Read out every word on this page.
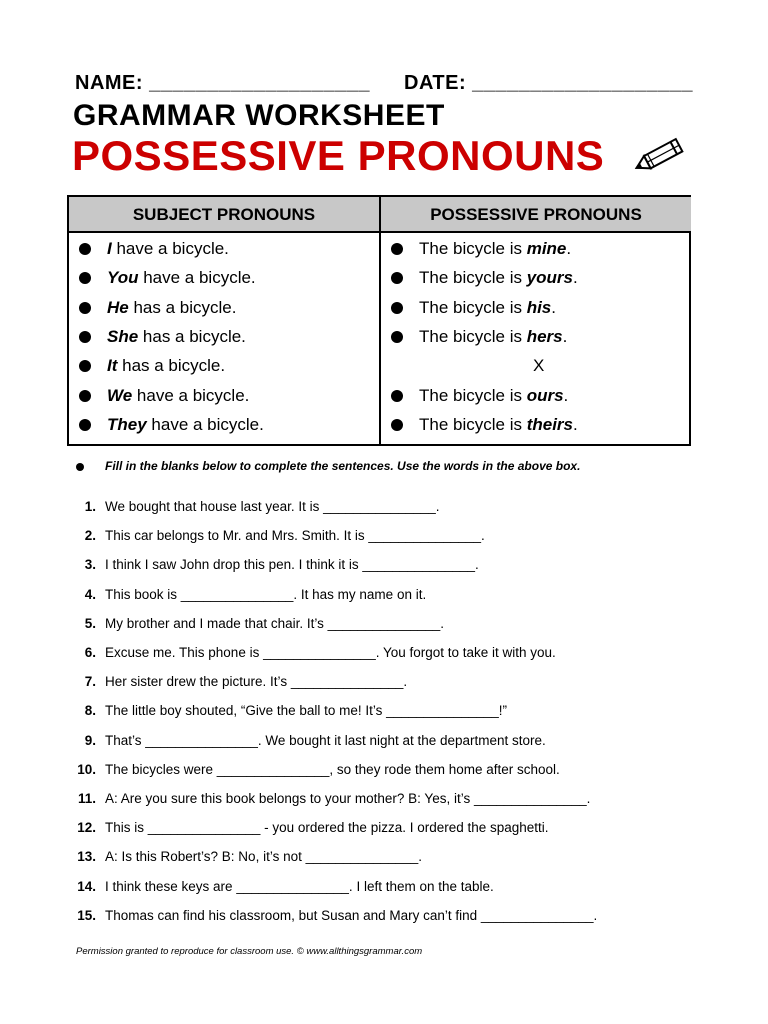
NAME: ___________________ DATE: ___________________
GRAMMAR WORKSHEET
POSSESSIVE PRONOUNS
SUBJECT PRONOUNS
I have a bicycle.
You have a bicycle.
He has a bicycle.
She has a bicycle.
It has a bicycle.
We have a bicycle.
They have a bicycle.
POSSESSIVE PRONOUNS
The bicycle is mine.
The bicycle is yours.
The bicycle is his.
The bicycle is hers.
X
The bicycle is ours.
The bicycle is theirs.
Fill in the blanks below to complete the sentences. Use the words in the above box.
1. We bought that house last year. It is _______________.
2. This car belongs to Mr. and Mrs. Smith. It is _______________.
3. I think I saw John drop this pen. I think it is _______________.
4. This book is _______________. It has my name on it.
5. My brother and I made that chair. It’s _______________.
6. Excuse me. This phone is _______________. You forgot to take it with you.
7. Her sister drew the picture. It’s _______________.
8. The little boy shouted, “Give the ball to me! It’s _______________!”
9. That’s _______________. We bought it last night at the department store.
10. The bicycles were _______________, so they rode them home after school.
11. A: Are you sure this book belongs to your mother? B: Yes, it’s _______________.
12. This is _______________ - you ordered the pizza. I ordered the spaghetti.
13. A: Is this Robert’s? B: No, it’s not _______________.
14. I think these keys are _______________. I left them on the table.
15. Thomas can find his classroom, but Susan and Mary can’t find _______________.
Permission granted to reproduce for classroom use. © www.allthingsgrammar.com
